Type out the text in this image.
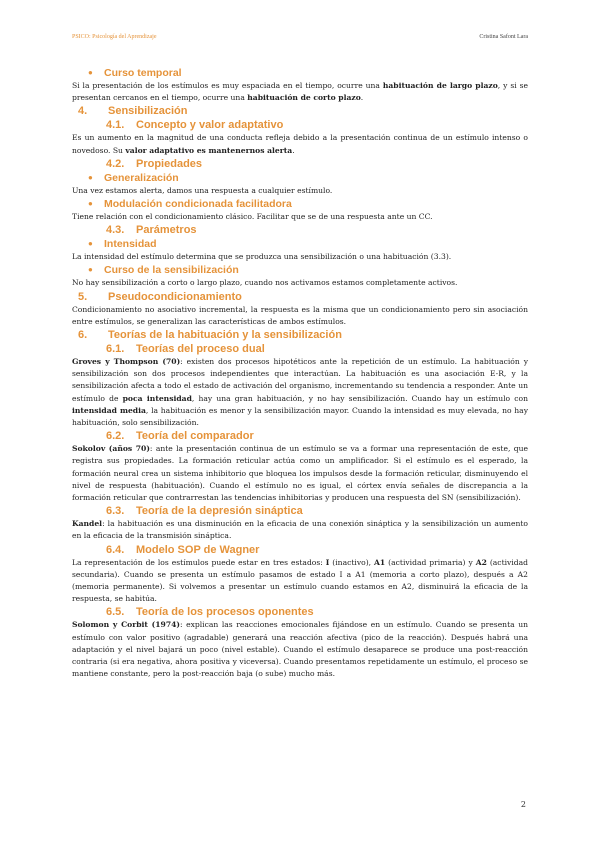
PSICO: Psicología del Aprendizaje	Cristina Safont Lara
● Curso temporal

Si la presentación de los estímulos es muy espaciada en el tiempo, ocurre una habituación de largo plazo, y si se presentan cercanos en el tiempo, ocurre una habituación de corto plazo.

4. Sensibilización
4.1. Concepto y valor adaptativo

Es un aumento en la magnitud de una conducta refleja debido a la presentación continua de un estímulo intenso o novedoso. Su valor adaptativo es mantenernos alerta.

4.2. Propiedades
● Generalización

Una vez estamos alerta, damos una respuesta a cualquier estímulo.

● Modulación condicionada facilitadora

Tiene relación con el condicionamiento clásico. Facilitar que se de una respuesta ante un CC.

4.3. Parámetros
● Intensidad

La intensidad del estímulo determina que se produzca una sensibilización o una habituación (3.3).

● Curso de la sensibilización

No hay sensibilización a corto o largo plazo, cuando nos activamos estamos completamente activos.

5. Pseudocondicionamiento

Condicionamiento no asociativo incremental, la respuesta es la misma que un condicionamiento pero sin asociación entre estímulos, se generalizan las características de ambos estímulos.

6. Teorías de la habituación y la sensibilización
6.1. Teorías del proceso dual

Groves y Thompson (70): existen dos procesos hipotéticos ante la repetición de un estímulo. La habituación y sensibilización son dos procesos independientes que interactúan. La habituación es una asociación E-R, y la sensibilización afecta a todo el estado de activación del organismo, incrementando su tendencia a responder. Ante un estímulo de poca intensidad, hay una gran habituación, y no hay sensibilización. Cuando hay un estímulo con intensidad media, la habituación es menor y la sensibilización mayor. Cuando la intensidad es muy elevada, no hay habituación, solo sensibilización.

6.2. Teoría del comparador

Sokolov (años 70): ante la presentación continua de un estímulo se va a formar una representación de este, que registra sus propiedades. La formación reticular actúa como un amplificador. Si el estímulo es el esperado, la formación neural crea un sistema inhibitorio que bloquea los impulsos desde la formación reticular, disminuyendo el nivel de respuesta (habituación). Cuando el estímulo no es igual, el córtex envía señales de discrepancia a la formación reticular que contrarrestan las tendencias inhibitorias y producen una respuesta del SN (sensibilización).

6.3. Teoría de la depresión sináptica

Kandel: la habituación es una disminución en la eficacia de una conexión sináptica y la sensibilización un aumento en la eficacia de la transmisión sináptica.

6.4. Modelo SOP de Wagner

La representación de los estímulos puede estar en tres estados: I (inactivo), A1 (actividad primaria) y A2 (actividad secundaria). Cuando se presenta un estímulo pasamos de estado I a A1 (memoria a corto plazo), después a A2 (memoria permanente). Si volvemos a presentar un estímulo cuando estamos en A2, disminuirá la eficacia de la respuesta, se habitúa.

6.5. Teoría de los procesos oponentes

Solomon y Corbit (1974): explican las reacciones emocionales fijándose en un estímulo. Cuando se presenta un estímulo con valor positivo (agradable) generará una reacción afectiva (pico de la reacción). Después habrá una adaptación y el nivel bajará un poco (nivel estable). Cuando el estímulo desaparece se produce una post-reacción contraria (si era negativa, ahora positiva y viceversa). Cuando presentamos repetidamente un estímulo, el proceso se mantiene constante, pero la post-reacción baja (o sube) mucho más.

2
